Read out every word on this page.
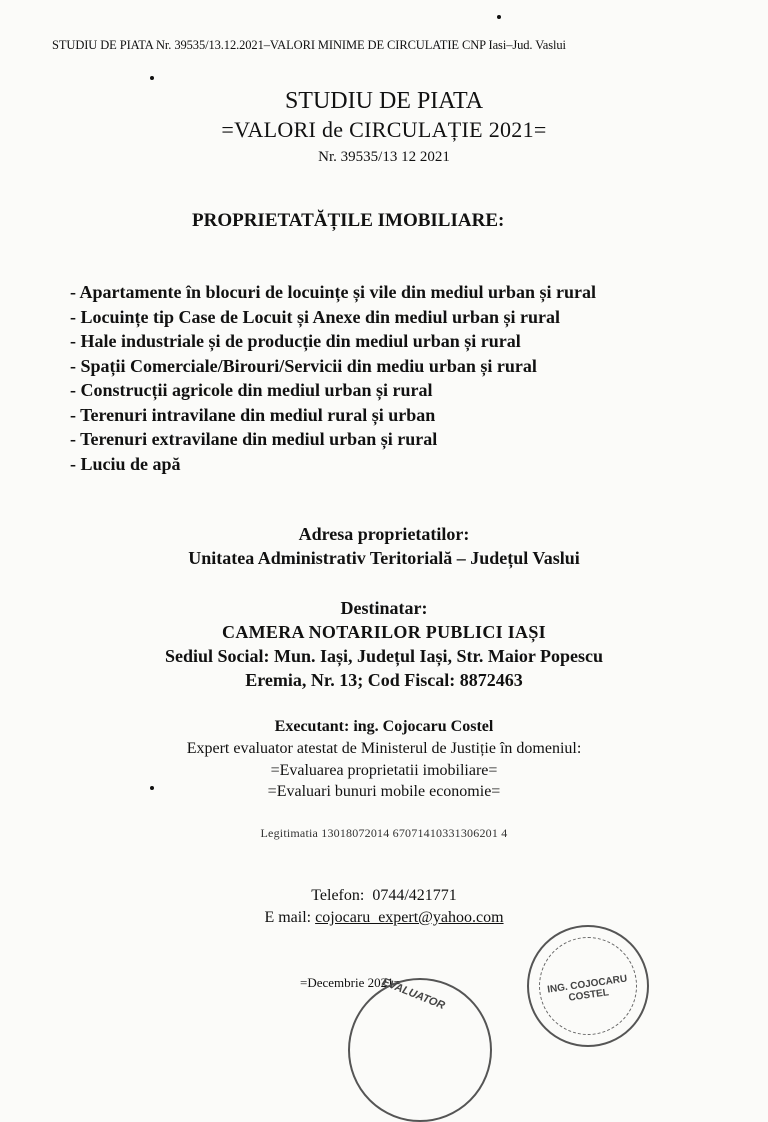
STUDIU DE PIATA Nr. 39535/13.12.2021–VALORI MINIME DE CIRCULATIE CNP Iasi–Jud. Vaslui
STUDIU DE PIATA
=VALORI de CIRCULAȚIE 2021=
Nr. 39535/13 12 2021
PROPRIETATĂȚILE IMOBILIARE:
- Apartamente în blocuri de locuințe și vile din mediul urban și rural
- Locuințe tip Case de Locuit și Anexe din mediul urban și rural
- Hale industriale și de producție din mediul urban și rural
- Spații Comerciale/Birouri/Servicii din mediu urban și rural
- Construcții agricole din mediul urban și rural
- Terenuri intravilane din mediul rural și urban
- Terenuri extravilane din mediul urban și rural
- Luciu de apă
Adresa proprietatilor:
Unitatea Administrativ Teritorială – Județul Vaslui
Destinatar:
CAMERA NOTARILOR PUBLICI IAȘI
Sediul Social: Mun. Iași, Județul Iași, Str. Maior Popescu
Eremia, Nr. 13; Cod Fiscal: 8872463
Executant: ing. Cojocaru Costel
Expert evaluator atestat de Ministerul de Justiție în domeniul:
=Evaluarea proprietatii imobiliare=
=Evaluari bunuri mobile economie=
Legitimatia 13018072014 67071410331306201 4
Telefon: 0744/421771
E mail: cojocaru_expert@yahoo.com
=Decembrie 2021=	ING. COJOCARU COSTEL
EVALUATOR
